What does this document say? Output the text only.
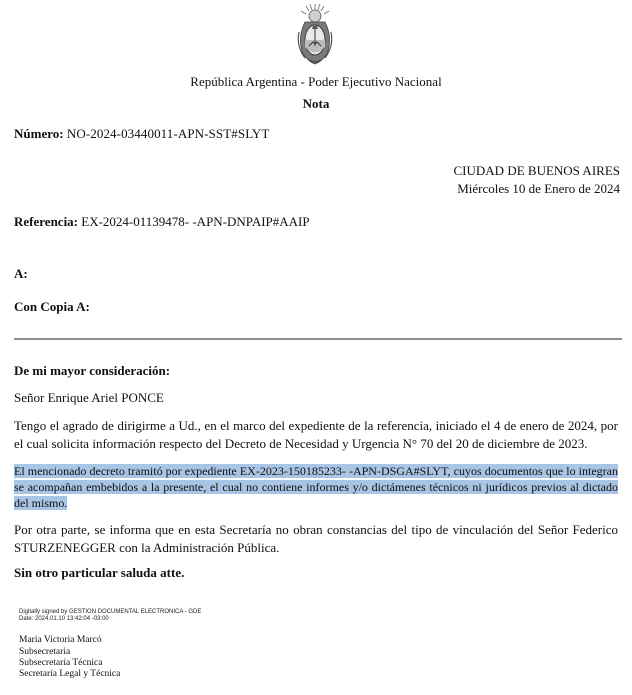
República Argentina - Poder Ejecutivo Nacional
Nota
Número: NO-2024-03440011-APN-SST#SLYT
CIUDAD DE BUENOS AIRES
Miércoles 10 de Enero de 2024
Referencia: EX-2024-01139478- -APN-DNPAIP#AAIP
A:
Con Copia A:
De mi mayor consideración:
Señor Enrique Ariel PONCE
Tengo el agrado de dirigirme a Ud., en el marco del expediente de la referencia, iniciado el 4 de enero de 2024, por el cual solicita información respecto del Decreto de Necesidad y Urgencia N° 70 del 20 de diciembre de 2023.
El mencionado decreto tramitó por expediente EX-2023-150185233- -APN-DSGA#SLYT, cuyos documentos que lo integran se acompañan embebidos a la presente, el cual no contiene informes y/o dictámenes técnicos ni jurídicos previos al dictado del mismo.
Por otra parte, se informa que en esta Secretaría no obran constancias del tipo de vinculación del Señor Federico STURZENEGGER con la Administración Pública.
Sin otro particular saluda atte.
Digitally signed by GESTION DOCUMENTAL ELECTRONICA - GDE
Date: 2024.01.10 13:42:04 -03:00
María Victoria Marcó
Subsecretaria
Subsecretaría Técnica
Secretaría Legal y Técnica
